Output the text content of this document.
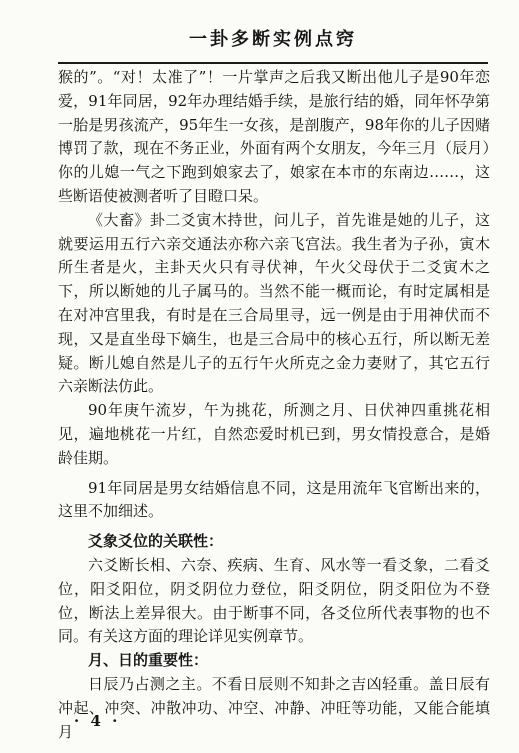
一卦多断实例点窍

猴的”。“对！太准了”！一片掌声之后我又断出他儿子是90年恋爱，91年同居，92年办理结婚手续，是旅行结的婚，同年怀孕第一胎是男孩流产，95年生一女孩，是剖腹产，98年你的儿子因赌博罚了款，现在不务正业，外面有两个女朋友，今年三月（辰月）你的儿媳一气之下跑到娘家去了，娘家在本市的东南边……，这些断语使被测者听了目瞪口呆。

《大畜》卦二爻寅木持世，问儿子，首先谁是她的儿子，这就要运用五行六亲交通法亦称六亲飞宫法。我生者为子孙，寅木所生者是火，主卦天火只有寻伏神，午火父母伏于二爻寅木之下，所以断她的儿子属马的。当然不能一概而论，有时定属相是在对冲宫里我，有时是在三合局里寻，远一例是由于用神伏而不现，又是直坐母下嫡生，也是三合局中的核心五行，所以断无差疑。断儿媳自然是儿子的五行午火所克之金力妻财了，其它五行六亲断法仿此。

90年庚午流岁，午为挑花，所测之月、日伏神四重挑花相见，遍地桃花一片红，自然恋爱时机已到，男女情投意合，是婚龄佳期。

91年同居是男女结婚信息不同，这是用流年飞官断出来的，这里不加细述。

爻象爻位的关联性：

六爻断长相、六奈、疾病、生育、风水等一看爻象，二看爻位，阳爻阳位，阴爻阴位力登位，阳爻阴位，阴爻阳位为不登位，断法上差异很大。由于断事不同，各爻位所代表事物的也不同。有关这方面的理论详见实例章节。

月、日的重要性：

日辰乃占测之主。不看日辰则不知卦之吉凶轻重。盖日辰有冲起、冲突、冲散冲功、冲空、冲静、冲旺等功能，又能合能填月

· 4 ·
